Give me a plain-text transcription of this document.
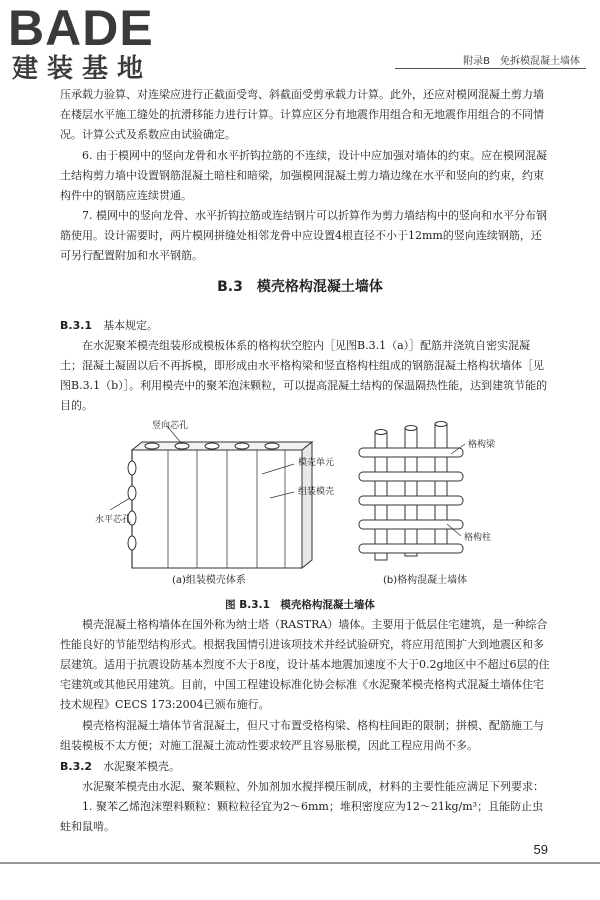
BADE
建装基地	附录B　免拆模混凝土墙体

压承载力验算、对连梁应进行正截面受弯、斜截面受剪承载力计算。此外，还应对模网混凝土剪力墙在楼层水平施工缝处的抗滑移能力进行计算。计算应区分有地震作用组合和无地震作用组合的不同情况。计算公式及系数应由试验确定。

6. 由于模网中的竖向龙骨和水平折钩拉筋的不连续，设计中应加强对墙体的约束。应在模网混凝土结构剪力墙中设置钢筋混凝土暗柱和暗梁，加强模网混凝土剪力墙边缘在水平和竖向的约束，约束构件中的钢筋应连续贯通。

7. 模网中的竖向龙骨、水平折钩拉筋或连结钢片可以折算作为剪力墙结构中的竖向和水平分布钢筋使用。设计需要时，两片模网拼缝处相邻龙骨中应设置4根直径不小于12mm的竖向连续钢筋，还可另行配置附加和水平钢筋。

B.3　模壳格构混凝土墙体
B.3.1　 基本规定。

在水泥聚苯模壳组装形成模板体系的格构状空腔内［见图B.3.1（a）］配筋并浇筑自密实混凝土；混凝土凝固以后不再拆模，即形成由水平格构梁和竖直格构柱组成的钢筋混凝土格构状墙体［见图B.3.1（b）］。利用模壳中的聚苯泡沫颗粒，可以提高混凝土结构的保温隔热性能，达到建筑节能的目的。

竖向芯孔
模壳单元
组装模壳
水平芯孔
(a)组装模壳体系
格构梁
格构柱
(b)格构混凝土墙体
图 B.3.1　模壳格构混凝土墙体

模壳混凝土格构墙体在国外称为纳士塔（RASTRA）墙体。主要用于低层住宅建筑，是一种综合性能良好的节能型结构形式。根据我国情引进该项技术并经试验研究，将应用范围扩大到地震区和多层建筑。适用于抗震设防基本烈度不大于8度，设计基本地震加速度不大于0.2g地区中不超过6层的住宅建筑或其他民用建筑。目前，中国工程建设标准化协会标准《水泥聚苯模壳格构式混凝土墙体住宅技术规程》CECS 173:2004已颁布施行。

模壳格构混凝土墙体节省混凝土，但尺寸布置受格构梁、格构柱间距的限制；拼模、配筋施工与组装模板不太方便；对施工混凝土流动性要求较严且容易胀模，因此工程应用尚不多。

B.3.2　 水泥聚苯模壳。

水泥聚苯模壳由水泥、聚苯颗粒、外加剂加水搅拌模压制成，材料的主要性能应满足下列要求：

1. 聚苯乙烯泡沫塑料颗粒：颗粒粒径宜为2～6mm；堆积密度应为12～21kg/m³；且能防止虫蛀和鼠啃。

59
